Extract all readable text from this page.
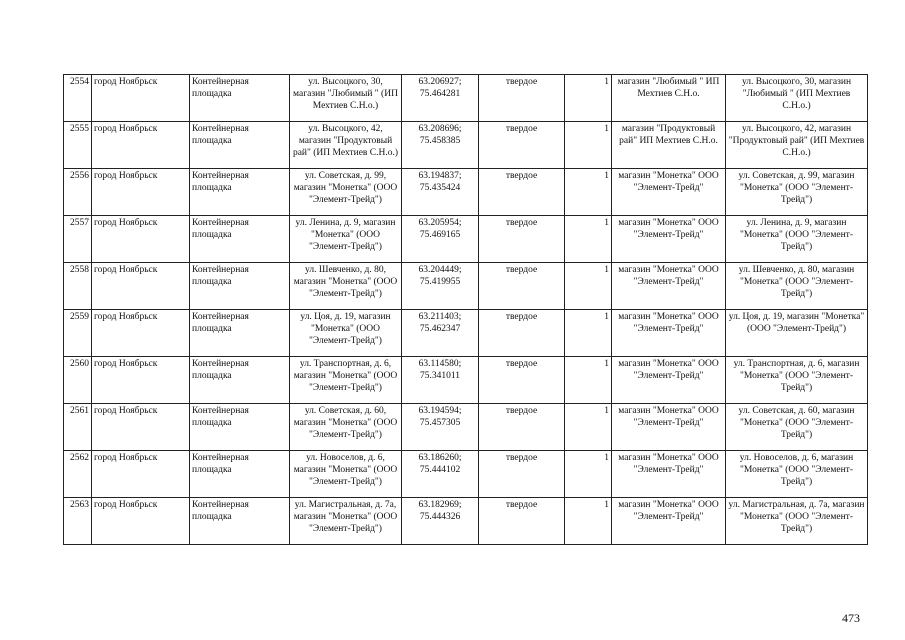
2554	город Ноябрьск	Контейнерная площадка	ул. Высоцкого, 30, магазин "Любимый " (ИП Мехтиев С.Н.о.)	63.206927; 75.464281	твердое	1	магазин "Любимый " ИП Мехтиев С.Н.о.	ул. Высоцкого, 30, магазин "Любимый " (ИП Мехтиев С.Н.о.)
2555	город Ноябрьск	Контейнерная площадка	ул. Высоцкого, 42, магазин "Продуктовый рай" (ИП Мехтиев С.Н.о.)	63.208696; 75.458385	твердое	1	магазин "Продуктовый рай" ИП Мехтиев С.Н.о.	ул. Высоцкого, 42, магазин "Продуктовый рай" (ИП Мехтиев С.Н.о.)
2556	город Ноябрьск	Контейнерная площадка	ул. Советская, д. 99, магазин "Монетка" (ООО "Элемент-Трейд")	63.194837; 75.435424	твердое	1	магазин "Монетка" ООО "Элемент-Трейд"	ул. Советская, д. 99, магазин "Монетка" (ООО "Элемент-Трейд")
2557	город Ноябрьск	Контейнерная площадка	ул. Ленина, д. 9, магазин "Монетка" (ООО "Элемент-Трейд")	63.205954; 75.469165	твердое	1	магазин "Монетка" ООО "Элемент-Трейд"	ул. Ленина, д. 9, магазин "Монетка" (ООО "Элемент-Трейд")
2558	город Ноябрьск	Контейнерная площадка	ул. Шевченко, д. 80, магазин "Монетка" (ООО "Элемент-Трейд")	63.204449; 75.419955	твердое	1	магазин "Монетка" ООО "Элемент-Трейд"	ул. Шевченко, д. 80, магазин "Монетка" (ООО "Элемент-Трейд")
2559	город Ноябрьск	Контейнерная площадка	ул. Цоя, д. 19, магазин "Монетка" (ООО "Элемент-Трейд")	63.211403; 75.462347	твердое	1	магазин "Монетка" ООО "Элемент-Трейд"	ул. Цоя, д. 19, магазин "Монетка" (ООО "Элемент-Трейд")
2560	город Ноябрьск	Контейнерная площадка	ул. Транспортная, д. 6, магазин "Монетка" (ООО "Элемент-Трейд")	63.114580; 75.341011	твердое	1	магазин "Монетка" ООО "Элемент-Трейд"	ул. Транспортная, д. 6, магазин "Монетка" (ООО "Элемент-Трейд")
2561	город Ноябрьск	Контейнерная площадка	ул. Советская, д. 60, магазин "Монетка" (ООО "Элемент-Трейд")	63.194594; 75.457305	твердое	1	магазин "Монетка" ООО "Элемент-Трейд"	ул. Советская, д. 60, магазин "Монетка" (ООО "Элемент-Трейд")
2562	город Ноябрьск	Контейнерная площадка	ул. Новоселов, д. 6, магазин "Монетка" (ООО "Элемент-Трейд")	63.186260; 75.444102	твердое	1	магазин "Монетка" ООО "Элемент-Трейд"	ул. Новоселов, д. 6, магазин "Монетка" (ООО "Элемент-Трейд")
2563	город Ноябрьск	Контейнерная площадка	ул. Магистральная, д. 7а, магазин "Монетка" (ООО "Элемент-Трейд")	63.182969; 75.444326	твердое	1	магазин "Монетка" ООО "Элемент-Трейд"	ул. Магистральная, д. 7а, магазин "Монетка" (ООО "Элемент-Трейд")
473
